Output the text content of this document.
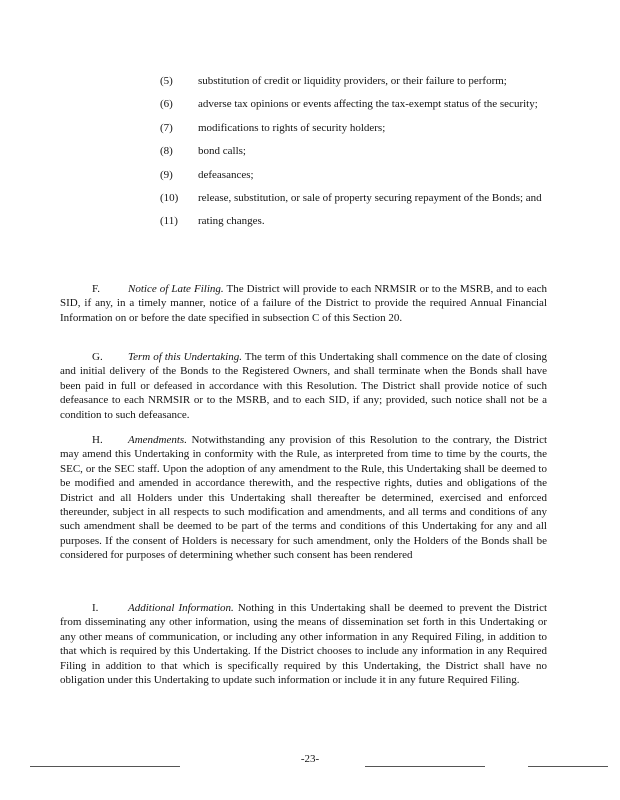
(5)	substitution of credit or liquidity providers, or their failure to perform;
(6)	adverse tax opinions or events affecting the tax-exempt status of the security;
(7)	modifications to rights of security holders;
(8)	bond calls;
(9)	defeasances;
(10)	release, substitution, or sale of property securing repayment of the Bonds; and
(11)	rating changes.

F.	Notice of Late Filing. The District will provide to each NRMSIR or to the MSRB, and to each SID, if any, in a timely manner, notice of a failure of the District to provide the required Annual Financial Information on or before the date specified in subsection C of this Section 20.

G. Term of this Undertaking. The term of this Undertaking shall commence on the date of closing and initial delivery of the Bonds to the Registered Owners, and shall terminate when the Bonds shall have been paid in full or defeased in accordance with this Resolution. The District shall provide notice of such defeasance to each NRMSIR or to the MSRB, and to each SID, if any; provided, such notice shall not be a condition to such defeasance.

H. Amendments. Notwithstanding any provision of this Resolution to the contrary, the District may amend this Undertaking in conformity with the Rule, as interpreted from time to time by the courts, the SEC, or the SEC staff. Upon the adoption of any amendment to the Rule, this Undertaking shall be deemed to be modified and amended in accordance therewith, and the respective rights, duties and obligations of the District and all Holders under this Undertaking shall thereafter be determined, exercised and enforced thereunder, subject in all respects to such modification and amendments, and all terms and conditions of any such amendment shall be deemed to be part of the terms and conditions of this Undertaking for any and all purposes. If the consent of Holders is necessary for such amendment, only the Holders of the Bonds shall be considered for purposes of determining whether such consent has been rendered

I.	Additional Information. Nothing in this Undertaking shall be deemed to prevent the District from disseminating any other information, using the means of dissemination set forth in this Undertaking or any other means of communication, or including any other information in any Required Filing, in addition to that which is required by this Undertaking. If the District chooses to include any information in any Required Filing in addition to that which is specifically required by this Undertaking, the District shall have no obligation under this Undertaking to update such information or include it in any future Required Filing.

-23-
